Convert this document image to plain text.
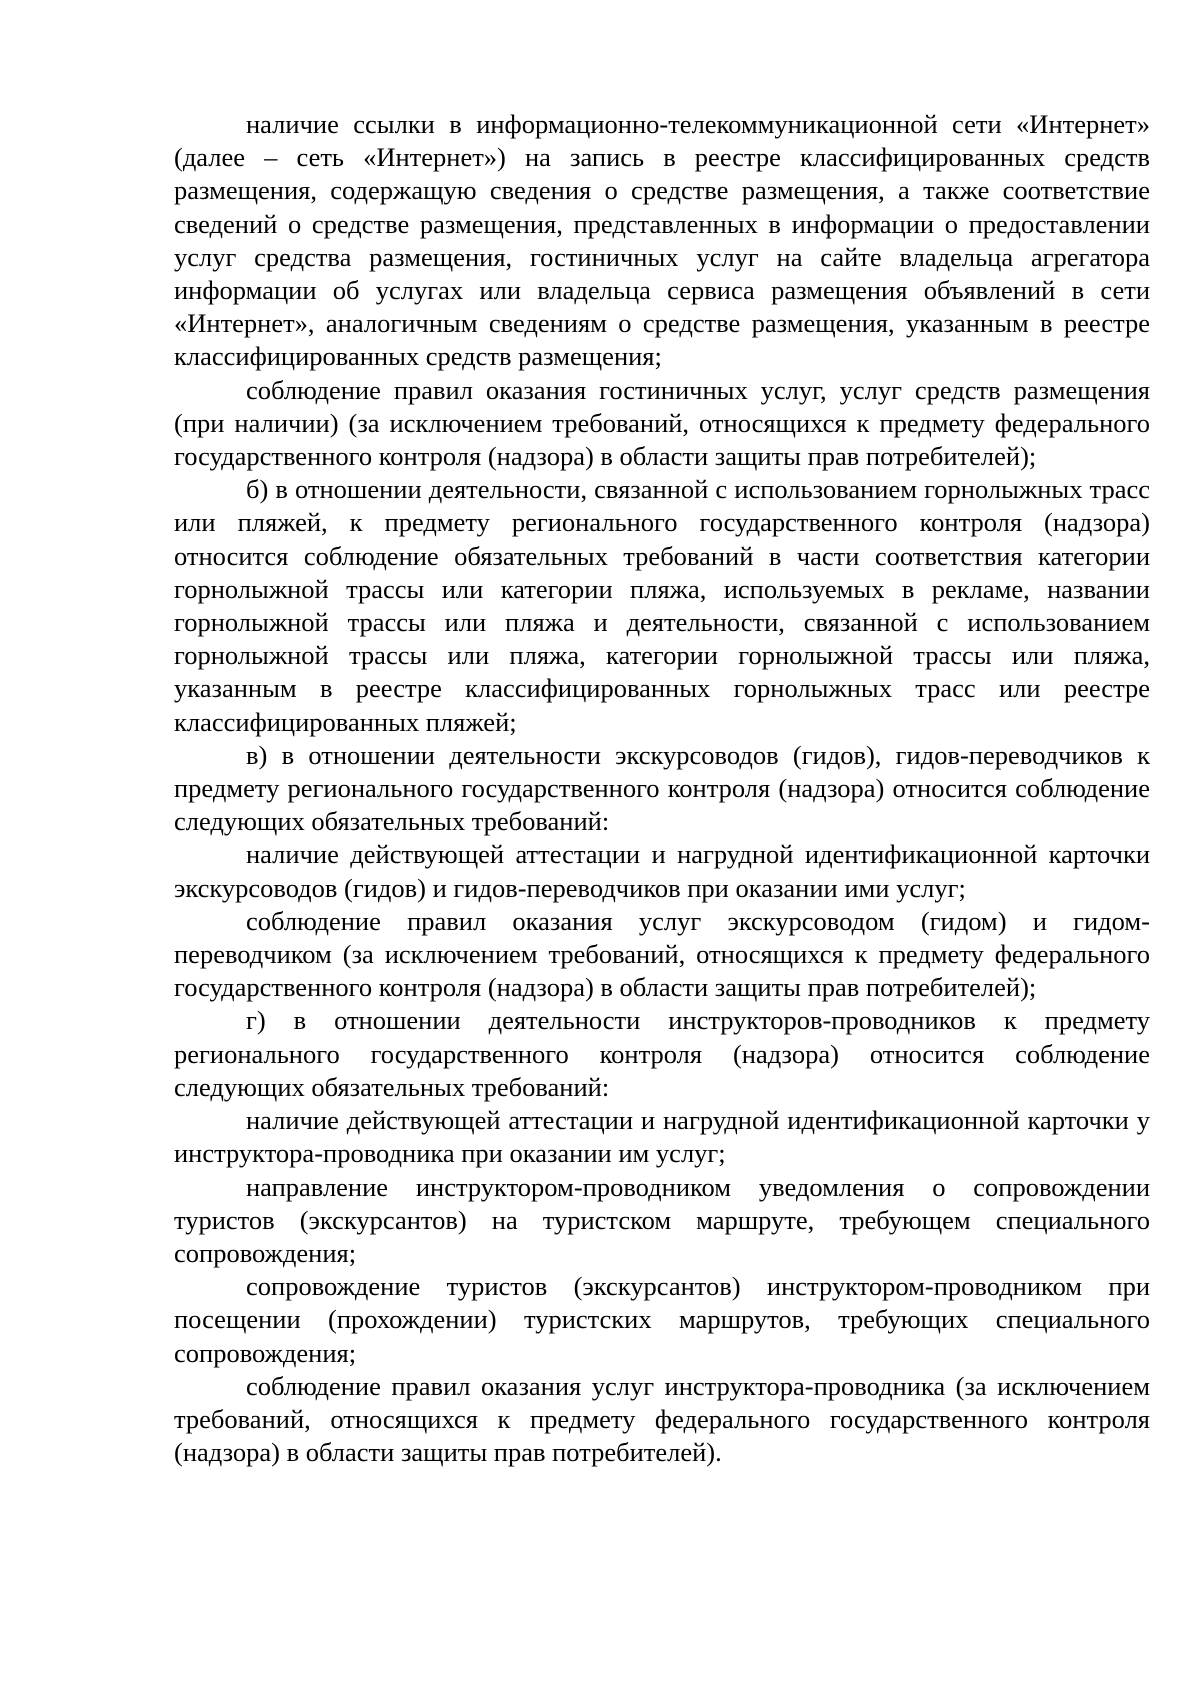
наличие ссылки в информационно-телекоммуникационной сети «Интернет» (далее – сеть «Интернет») на запись в реестре классифицированных средств размещения, содержащую сведения о средстве размещения, а также соответствие сведений о средстве размещения, представленных в информации о предоставлении услуг средства размещения, гостиничных услуг на сайте владельца агрегатора информации об услугах или владельца сервиса размещения объявлений в сети «Интернет», аналогичным сведениям о средстве размещения, указанным в реестре классифицированных средств размещения;

соблюдение правил оказания гостиничных услуг, услуг средств размещения (при наличии) (за исключением требований, относящихся к предмету федерального государственного контроля (надзора) в области защиты прав потребителей);

б) в отношении деятельности, связанной с использованием горнолыжных трасс или пляжей, к предмету регионального государственного контроля (надзора) относится соблюдение обязательных требований в части соответствия категории горнолыжной трассы или категории пляжа, используемых в рекламе, названии горнолыжной трассы или пляжа и деятельности, связанной с использованием горнолыжной трассы или пляжа, категории горнолыжной трассы или пляжа, указанным в реестре классифицированных горнолыжных трасс или реестре классифицированных пляжей;

в) в отношении деятельности экскурсоводов (гидов), гидов-переводчиков к предмету регионального государственного контроля (надзора) относится соблюдение следующих обязательных требований:

наличие действующей аттестации и нагрудной идентификационной карточки экскурсоводов (гидов) и гидов-переводчиков при оказании ими услуг;

соблюдение правил оказания услуг экскурсоводом (гидом) и гидом-переводчиком (за исключением требований, относящихся к предмету федерального государственного контроля (надзора) в области защиты прав потребителей);

г) в отношении деятельности инструкторов-проводников к предмету регионального государственного контроля (надзора) относится соблюдение следующих обязательных требований:

наличие действующей аттестации и нагрудной идентификационной карточки у инструктора-проводника при оказании им услуг;

направление инструктором-проводником уведомления о сопровождении туристов (экскурсантов) на туристском маршруте, требующем специального сопровождения;

сопровождение туристов (экскурсантов) инструктором-проводником при посещении (прохождении) туристских маршрутов, требующих специального сопровождения;

соблюдение правил оказания услуг инструктора-проводника (за исключением требований, относящихся к предмету федерального государственного контроля (надзора) в области защиты прав потребителей).
